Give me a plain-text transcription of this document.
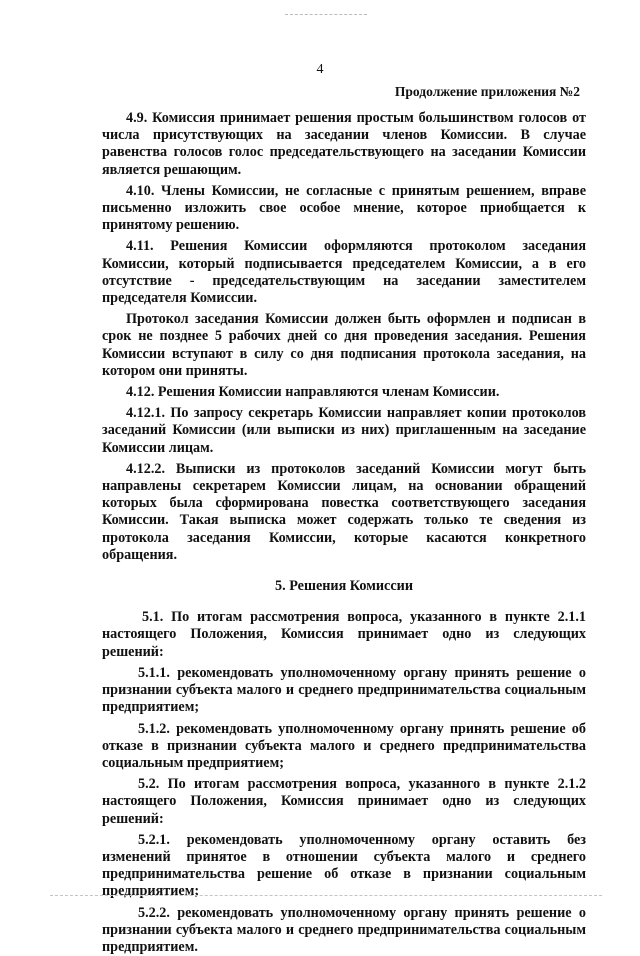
4
Продолжение приложения №2

4.9. Комиссия принимает решения простым большинством голосов от числа присутствующих на заседании членов Комиссии. В случае равенства голосов голос председательствующего на заседании Комиссии является решающим.

4.10. Члены Комиссии, не согласные с принятым решением, вправе письменно изложить свое особое мнение, которое приобщается к принятому решению.

4.11. Решения Комиссии оформляются протоколом заседания Комиссии, который подписывается председателем Комиссии, а в его отсутствие - председательствующим на заседании заместителем председателя Комиссии.

Протокол заседания Комиссии должен быть оформлен и подписан в срок не позднее 5 рабочих дней со дня проведения заседания. Решения Комиссии вступают в силу со дня подписания протокола заседания, на котором они приняты.

4.12. Решения Комиссии направляются членам Комиссии.

4.12.1. По запросу секретарь Комиссии направляет копии протоколов заседаний Комиссии (или выписки из них) приглашенным на заседание Комиссии лицам.

4.12.2. Выписки из протоколов заседаний Комиссии могут быть направлены секретарем Комиссии лицам, на основании обращений которых была сформирована повестка соответствующего заседания Комиссии. Такая выписка может содержать только те сведения из протокола заседания Комиссии, которые касаются конкретного обращения.

5. Решения Комиссии

5.1. По итогам рассмотрения вопроса, указанного в пункте 2.1.1 настоящего Положения, Комиссия принимает одно из следующих решений:

5.1.1. рекомендовать уполномоченному органу принять решение о признании субъекта малого и среднего предпринимательства социальным предприятием;

5.1.2. рекомендовать уполномоченному органу принять решение об отказе в признании субъекта малого и среднего предпринимательства социальным предприятием;

5.2. По итогам рассмотрения вопроса, указанного в пункте 2.1.2 настоящего Положения, Комиссия принимает одно из следующих решений:

5.2.1. рекомендовать уполномоченному органу оставить без изменений принятое в отношении субъекта малого и среднего предпринимательства решение об отказе в признании социальным предприятием;

5.2.2. рекомендовать уполномоченному органу принять решение о признании субъекта малого и среднего предпринимательства социальным предприятием.
